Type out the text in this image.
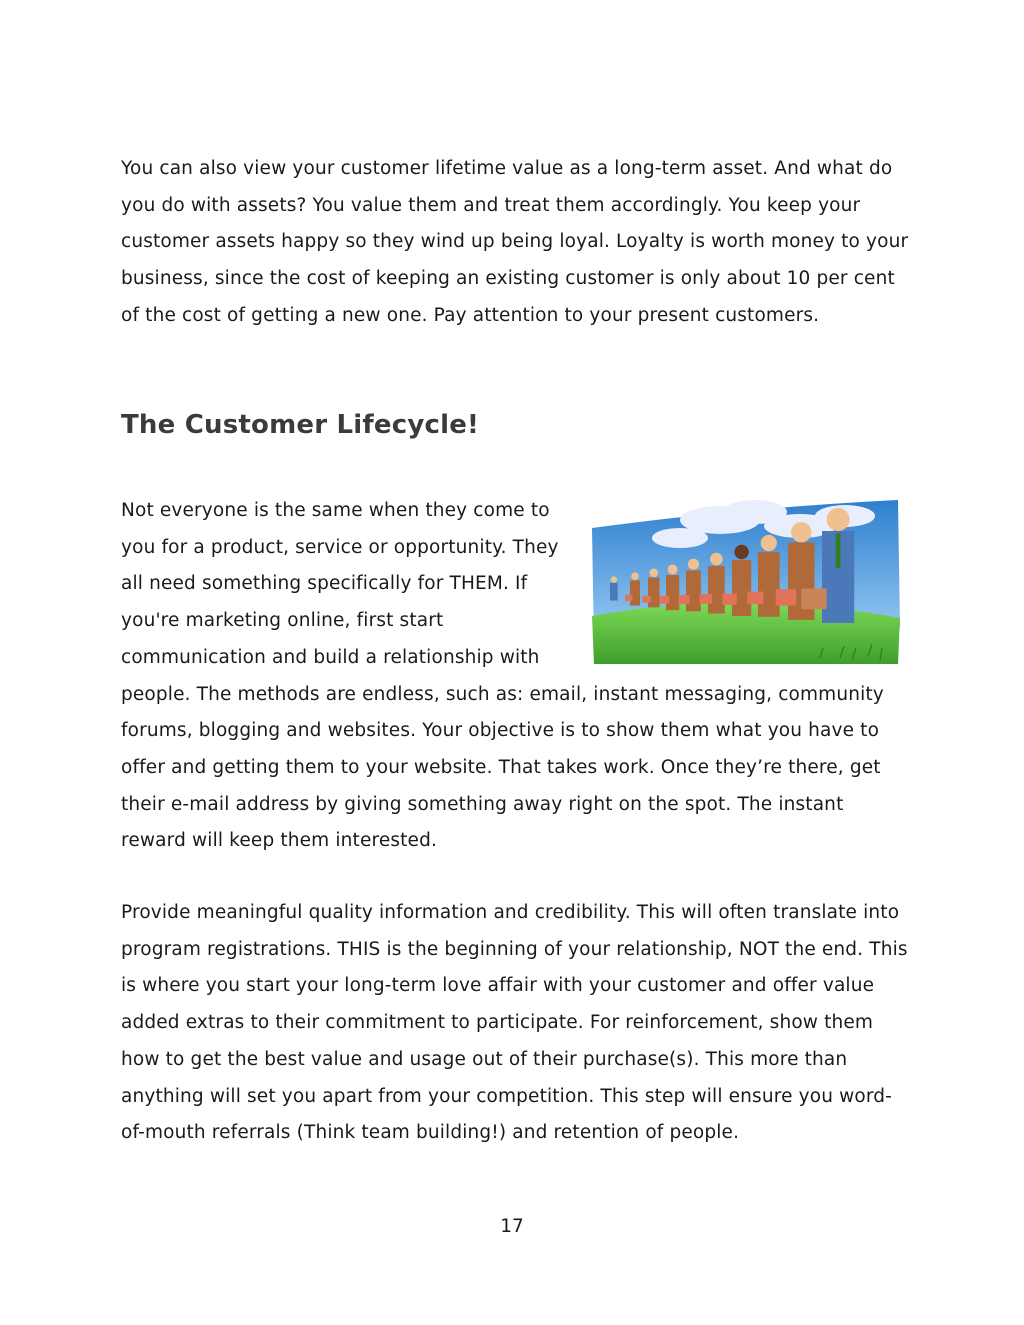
You can also view your customer lifetime value as a long-term asset. And what do you do with assets? You value them and treat them accordingly. You keep your customer assets happy so they wind up being loyal. Loyalty is worth money to your business, since the cost of keeping an existing customer is only about 10 per cent of the cost of getting a new one. Pay attention to your present customers.

The Customer Lifecycle!

Not everyone is the same when they come to you for a product, service or opportunity. They all need something specifically for THEM. If you're marketing online, first start communication and build a relationship with people. The methods are endless, such as: email, instant messaging, community forums, blogging and websites. Your objective is to show them what you have to offer and getting them to your website. That takes work. Once they’re there, get their e-mail address by giving something away right on the spot. The instant reward will keep them interested.

Provide meaningful quality information and credibility. This will often translate into program registrations. THIS is the beginning of your relationship, NOT the end. This is where you start your long-term love affair with your customer and offer value added extras to their commitment to participate. For reinforcement, show them how to get the best value and usage out of their purchase(s). This more than anything will set you apart from your competition. This step will ensure you word-of-mouth referrals (Think team building!) and retention of people.

17
